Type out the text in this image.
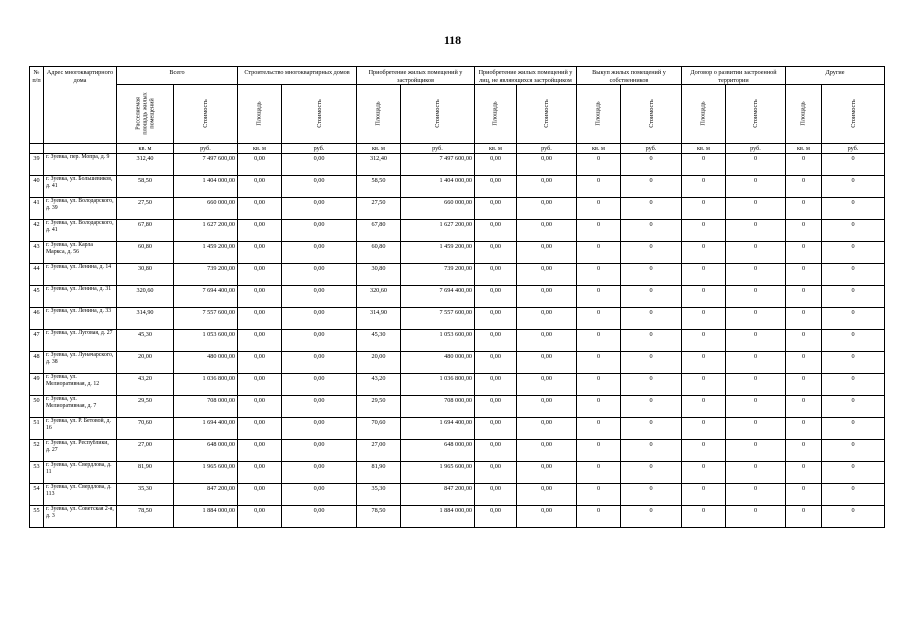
118
№ п/п	Адрес многоквартирного дома	Всего		Строительство многоквартирных домов		Приобретение жилых помещений у застройщиков		Приобретение жилых помещений у лиц, не являющихся застройщиком		Выкуп жилых помещений у собственников		Договор о развитии застроенной территории		Другие	
		Расселяемая площадь жилых помещений	Стоимость	Площадь	Стоимость	Площадь	Стоимость	Площадь	Стоимость	Площадь	Стоимость	Площадь	Стоимость	Площадь	Стоимость
		кв. м	руб.	кв. м	руб.	кв. м	руб.	кв. м	руб.	кв. м	руб.	кв. м	руб.	кв. м	руб.
39	г. Зуевка, пер. Мопра, д. 9	312,40	7 497 600,00	0,00	0,00	312,40	7 497 600,00	0,00	0,00	0	0	0	0	0	0
40	г. Зуевка, ул. Большевиков, д. 41	58,50	1 404 000,00	0,00	0,00	58,50	1 404 000,00	0,00	0,00	0	0	0	0	0	0
41	г. Зуевка, ул. Володарского, д. 39	27,50	660 000,00	0,00	0,00	27,50	660 000,00	0,00	0,00	0	0	0	0	0	0
42	г. Зуевка, ул. Володарского, д. 41	67,80	1 627 200,00	0,00	0,00	67,80	1 627 200,00	0,00	0,00	0	0	0	0	0	0
43	г. Зуевка, ул. Карла Маркса, д. 56	60,80	1 459 200,00	0,00	0,00	60,80	1 459 200,00	0,00	0,00	0	0	0	0	0	0
44	г. Зуевка, ул. Ленина, д. 14	30,80	739 200,00	0,00	0,00	30,80	739 200,00	0,00	0,00	0	0	0	0	0	0
45	г. Зуевка, ул. Ленина, д. 31	320,60	7 694 400,00	0,00	0,00	320,60	7 694 400,00	0,00	0,00	0	0	0	0	0	0
46	г. Зуевка, ул. Ленина, д. 33	314,90	7 557 600,00	0,00	0,00	314,90	7 557 600,00	0,00	0,00	0	0	0	0	0	0
47	г. Зуевка, ул. Луговая, д. 27	45,30	1 053 600,00	0,00	0,00	45,30	1 053 600,00	0,00	0,00	0	0	0	0	0	0
48	г. Зуевка, ул. Луначарского, д. 38	20,00	480 000,00	0,00	0,00	20,00	480 000,00	0,00	0,00	0	0	0	0	0	0
49	г. Зуевка, ул. Мелиоративная, д. 12	43,20	1 036 800,00	0,00	0,00	43,20	1 036 800,00	0,00	0,00	0	0	0	0	0	0
50	г. Зуевка, ул. Мелиоративная, д. 7	29,50	708 000,00	0,00	0,00	29,50	708 000,00	0,00	0,00	0	0	0	0	0	0
51	г. Зуевка, ул. Р. Бетовой, д. 16	70,60	1 694 400,00	0,00	0,00	70,60	1 694 400,00	0,00	0,00	0	0	0	0	0	0
52	г. Зуевка, ул. Республики, д. 27	27,00	648 000,00	0,00	0,00	27,00	648 000,00	0,00	0,00	0	0	0	0	0	0
53	г. Зуевка, ул. Свердлова, д. 11	81,90	1 965 600,00	0,00	0,00	81,90	1 965 600,00	0,00	0,00	0	0	0	0	0	0
54	г. Зуевка, ул. Свердлова, д. 113	35,30	847 200,00	0,00	0,00	35,30	847 200,00	0,00	0,00	0	0	0	0	0	0
55	г. Зуевка, ул. Советская 2-я, д. 3	78,50	1 884 000,00	0,00	0,00	78,50	1 884 000,00	0,00	0,00	0	0	0	0	0	0
